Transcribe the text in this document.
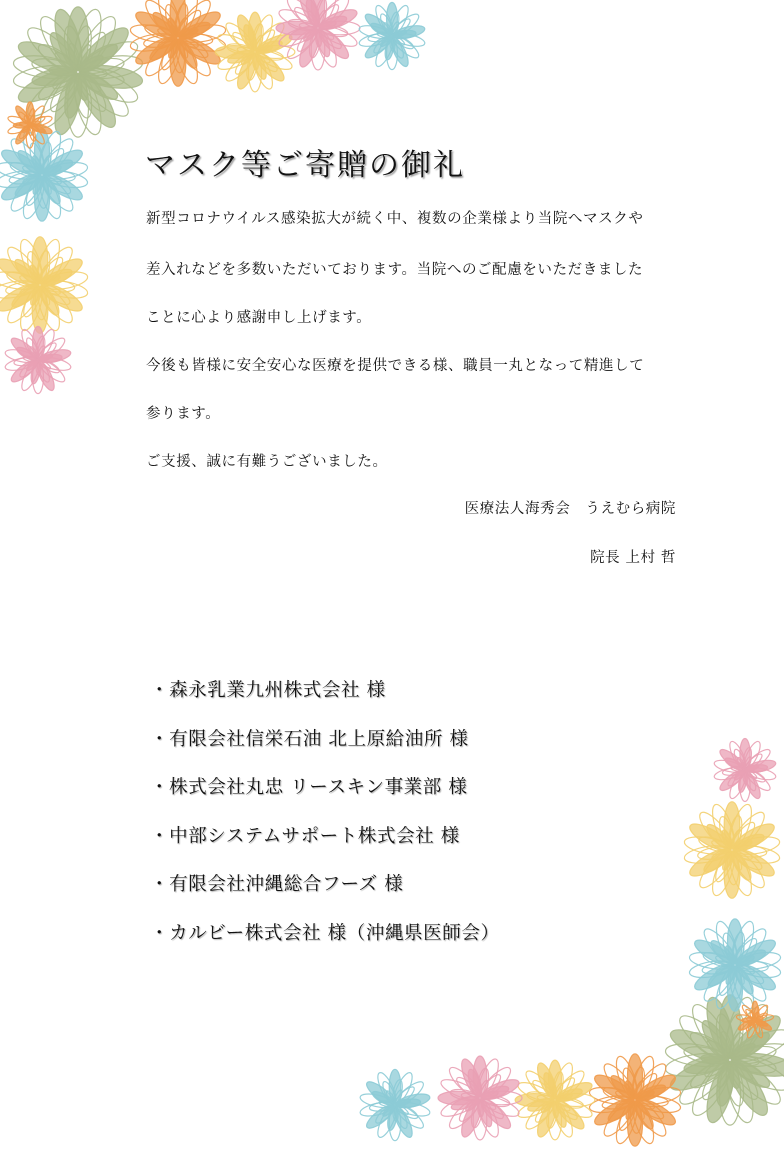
マスク等ご寄贈の御礼
新型コロナウイルス感染拡大が続く中、複数の企業様より当院へマスクや
差入れなどを多数いただいております。当院へのご配慮をいただきました
ことに心より感謝申し上げます。
今後も皆様に安全安心な医療を提供できる様、職員一丸となって精進して
参ります。
ご支援、誠に有難うございました。
医療法人海秀会　うえむら病院
院長 上村 哲
・森永乳業九州株式会社 様
・有限会社信栄石油 北上原給油所 様
・株式会社丸忠 リースキン事業部 様
・中部システムサポート株式会社 様
・有限会社沖縄総合フーズ 様
・カルビー株式会社 様（沖縄県医師会）
